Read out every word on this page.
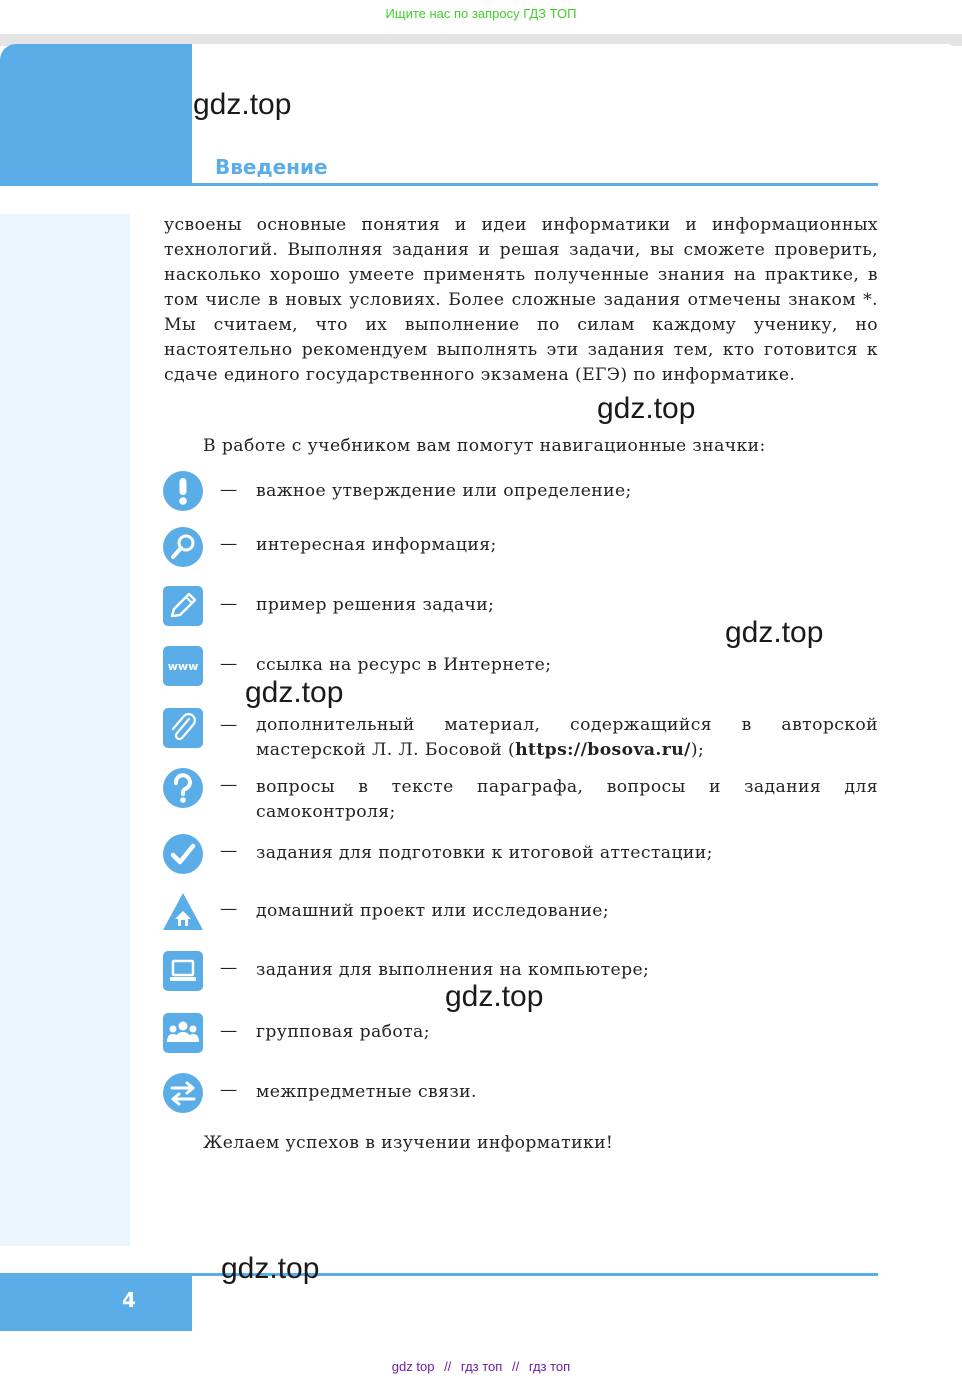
Ищите нас по запросу ГДЗ ТОП
Введение
gdz.top
усвоены основные понятия и идеи информатики и информационных технологий. Выполняя задания и решая задачи, вы сможете проверить, насколько хорошо умеете применять полученные знания на практике, в том числе в новых условиях. Более сложные задания отмечены знаком *. Мы считаем, что их выполнение по силам каждому ученику, но настоятельно рекомендуем выполнять эти задания тем, кто готовится к сдаче единого государственного экзамена (ЕГЭ) по информатике.
gdz.top
В работе с учебником вам помогут навигационные значки:
— важное утверждение или определение;
— интересная информация;
— пример решения задачи;
www — ссылка на ресурс в Интернете;
gdz.top
gdz.top
— дополнительный материал, содержащийся в авторской мастерской Л. Л. Босовой (https://bosova.ru/);
— вопросы в тексте параграфа, вопросы и задания для самоконтроля;
— задания для подготовки к итоговой аттестации;
— домашний проект или исследование;
— задания для выполнения на компьютере;
gdz.top
— групповая работа;
— межпредметные связи.
Желаем успехов в изучении информатики!
4
gdz.top
gdz top // гдз топ // гдз топ
